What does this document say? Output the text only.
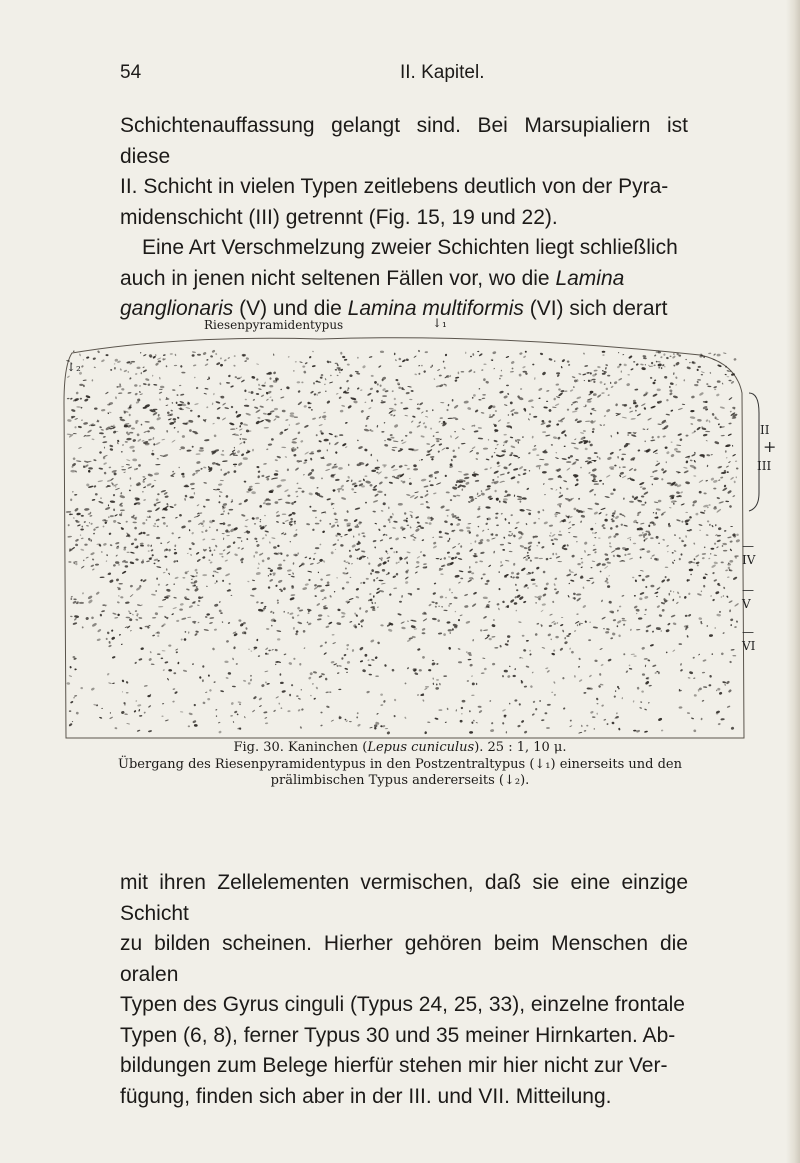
54	II. Kapitel.

Schichtenauffassung gelangt sind. Bei Marsupialiern ist diese

II. Schicht in vielen Typen zeitlebens deutlich von der Pyra-

midenschicht (III) getrennt (Fig. 15, 19 und 22).

Eine Art Verschmelzung zweier Schichten liegt schließlich

auch in jenen nicht seltenen Fällen vor, wo die Lamina

ganglionaris (V) und die Lamina multiformis (VI) sich derart

Riesenpyramidentypus	↓₁
↓₂
II
+
III
— IV
— V
— VI
Fig. 30. Kaninchen (Lepus cuniculus). 25 : 1, 10 μ.
Übergang des Riesenpyramidentypus in den Postzentraltypus (↓₁) einerseits und den
prälimbischen Typus andererseits (↓₂).

mit ihren Zellelementen vermischen, daß sie eine einzige Schicht

zu bilden scheinen. Hierher gehören beim Menschen die oralen

Typen des Gyrus cinguli (Typus 24, 25, 33), einzelne frontale

Typen (6, 8), ferner Typus 30 und 35 meiner Hirnkarten. Ab-

bildungen zum Belege hierfür stehen mir hier nicht zur Ver-

fügung, finden sich aber in der III. und VII. Mitteilung.
